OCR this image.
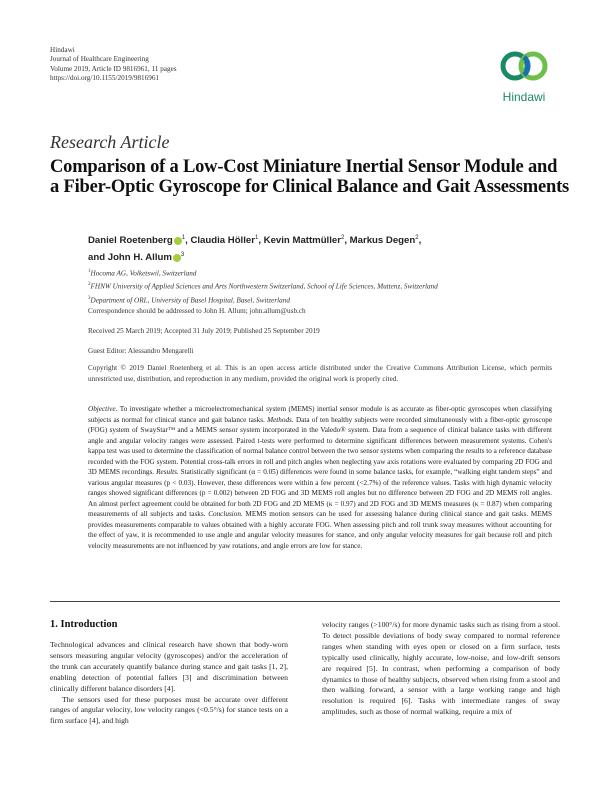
Hindawi
Journal of Healthcare Engineering
Volume 2019, Article ID 9816961, 11 pages
https://doi.org/10.1155/2019/9816961
Hindawi
Research Article
Comparison of a Low-Cost Miniature Inertial Sensor Module and a Fiber-Optic Gyroscope for Clinical Balance and Gait Assessments
Daniel Roetenberg $^1$, Claudia Höller$^1$, Kevin Mattmüller$^2$, Markus Degen$^2$,
and John H. Allum $^3$
$^1$Hocoma AG, Volketswil, Switzerland
$^2$FHNW University of Applied Sciences and Arts Northwestern Switzerland, School of Life Sciences, Muttenz, Switzerland
$^3$Department of ORL, University of Basel Hospital, Basel, Switzerland
Correspondence should be addressed to John H. Allum; john.allum@usb.ch
Received 25 March 2019; Accepted 31 July 2019; Published 25 September 2019
Guest Editor: Alessandro Mengarelli
Copyright © 2019 Daniel Roetenberg et al. This is an open access article distributed under the Creative Commons Attribution License, which permits unrestricted use, distribution, and reproduction in any medium, provided the original work is properly cited.
Objective. To investigate whether a microelectromechanical system (MEMS) inertial sensor module is as accurate as fiber-optic gyroscopes when classifying subjects as normal for clinical stance and gait balance tasks. Methods. Data of ten healthy subjects were recorded simultaneously with a fiber-optic gyroscope (FOG) system of SwayStar™ and a MEMS sensor system incorporated in the Valedo® system. Data from a sequence of clinical balance tasks with different angle and angular velocity ranges were assessed. Paired t-tests were performed to determine significant differences between measurement systems. Cohen's kappa test was used to determine the classification of normal balance control between the two sensor systems when comparing the results to a reference database recorded with the FOG system. Potential cross-talk errors in roll and pitch angles when neglecting yaw axis rotations were evaluated by comparing 2D FOG and 3D MEMS recordings. Results. Statistically significant (α = 0.05) differences were found in some balance tasks, for example, “walking eight tandem steps” and various angular measures (p < 0.03). However, these differences were within a few percent (<2.7%) of the reference values. Tasks with high dynamic velocity ranges showed significant differences (p = 0.002) between 2D FOG and 3D MEMS roll angles but no difference between 2D FOG and 2D MEMS roll angles. An almost perfect agreement could be obtained for both 2D FOG and 2D MEMS (κ = 0.97) and 2D FOG and 3D MEMS measures (κ = 0.87) when comparing measurements of all subjects and tasks. Conclusion. MEMS motion sensors can be used for assessing balance during clinical stance and gait tasks. MEMS provides measurements comparable to values obtained with a highly accurate FOG. When assessing pitch and roll trunk sway measures without accounting for the effect of yaw, it is recommended to use angle and angular velocity measures for stance, and only angular velocity measures for gait because roll and pitch velocity measurements are not influenced by yaw rotations, and angle errors are low for stance.
1. Introduction

Technological advances and clinical research have shown that body-worn sensors measuring angular velocity (gyroscopes) and/or the acceleration of the trunk can accurately quantify balance during stance and gait tasks [1, 2], enabling detection of potential fallers [3] and discrimination between clinically different balance disorders [4].

The sensors used for these purposes must be accurate over different ranges of angular velocity, low velocity ranges (<0.5°/s) for stance tests on a firm surface [4], and high

velocity ranges (>100°/s) for more dynamic tasks such as rising from a stool. To detect possible deviations of body sway compared to normal reference ranges when standing with eyes open or closed on a firm surface, tests typically used clinically, highly accurate, low-noise, and low-drift sensors are required [5]. In contrast, when performing a comparison of body dynamics to those of healthy subjects, observed when rising from a stool and then walking forward, a sensor with a large working range and high resolution is required [6]. Tasks with intermediate ranges of sway amplitudes, such as those of normal walking, require a mix of
